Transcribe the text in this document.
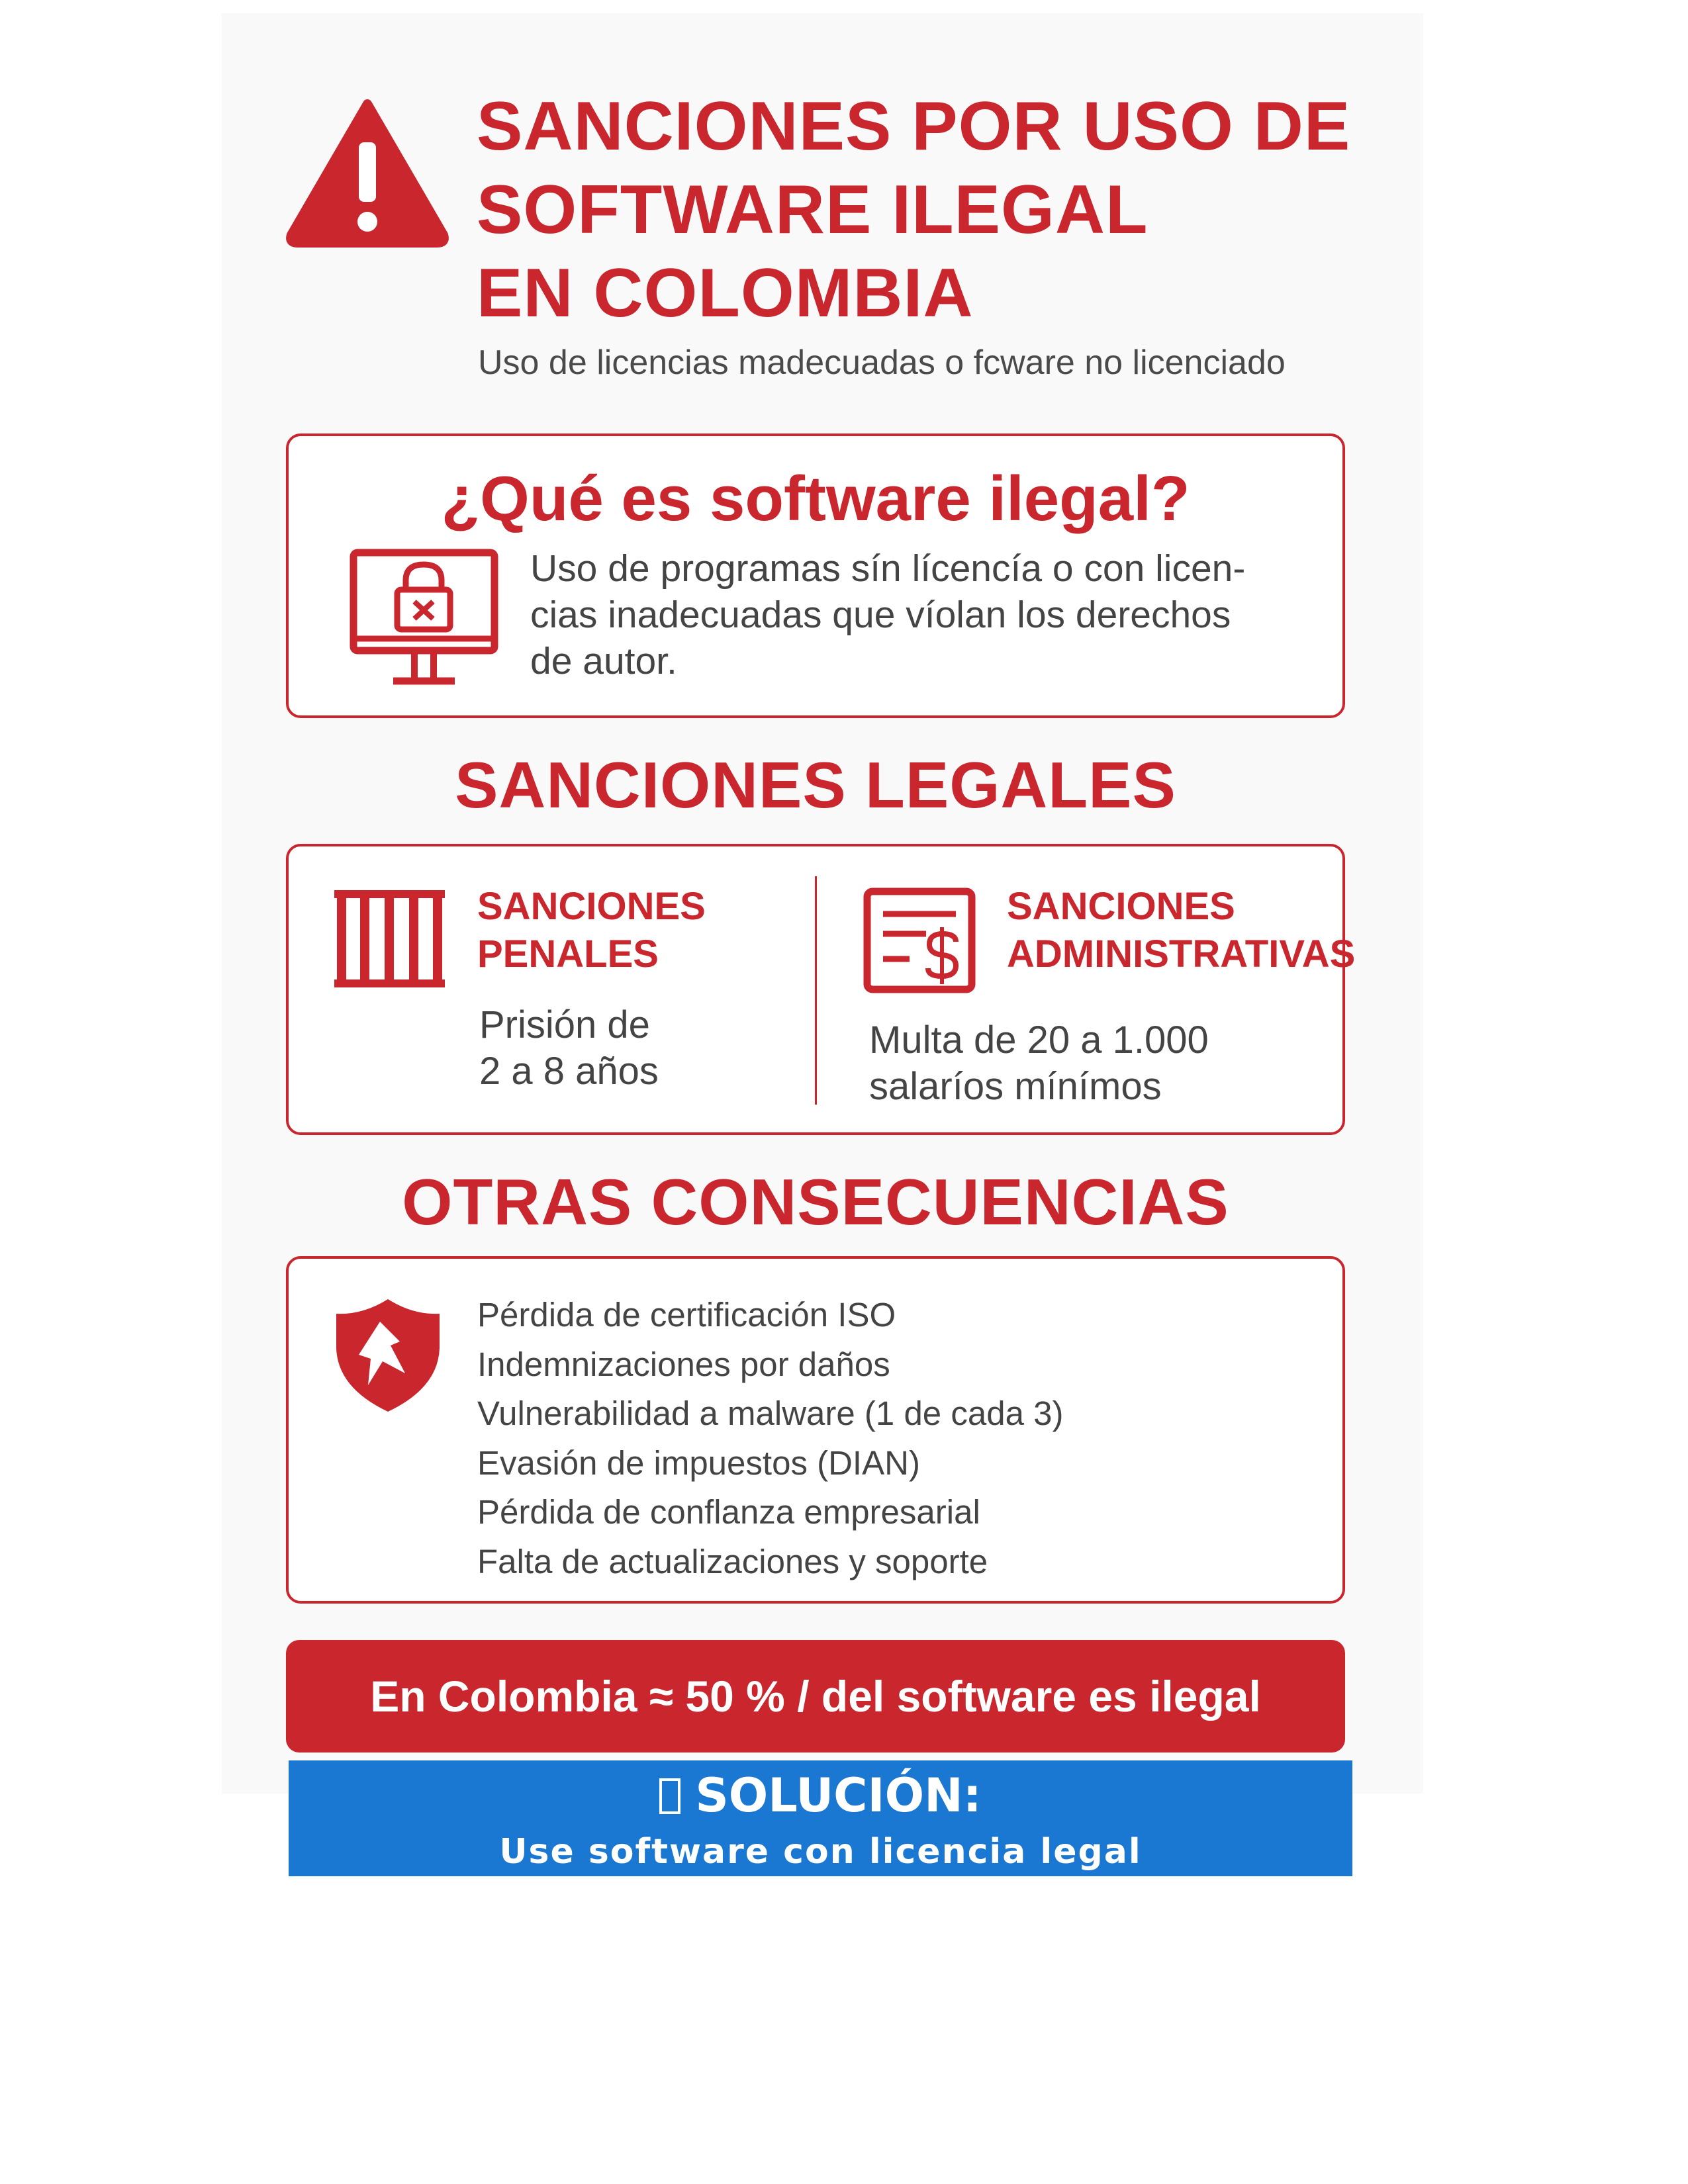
SANCIONES POR USO DE
SOFTWARE ILEGAL
EN COLOMBIA
Uso de licencias madecuadas o fcware no licenciado
¿Qué es software ilegal?
Uso de programas sín lícencía o con licen-
cias inadecuadas que víolan los derechos
de autor.
SANCIONES LEGALES
SANCIONES
PENALES
Prisión de
2 a 8 años
SANCIONES
ADMINISTRATIVAS
Multa de 20 a 1.000
salaríos mínímos
OTRAS CONSECUENCIAS
Pérdida de certificación ISO
Indemnizaciones por daños
Vulnerabilidad a malware (1 de cada 3)
Evasión de impuestos (DIAN)
Pérdida de conflanza empresarial
Falta de actualizaciones y soporte
En Colombia ≈ 50 % / del software es ilegal
SOLUCIÓN:
Use software con licencia legal
